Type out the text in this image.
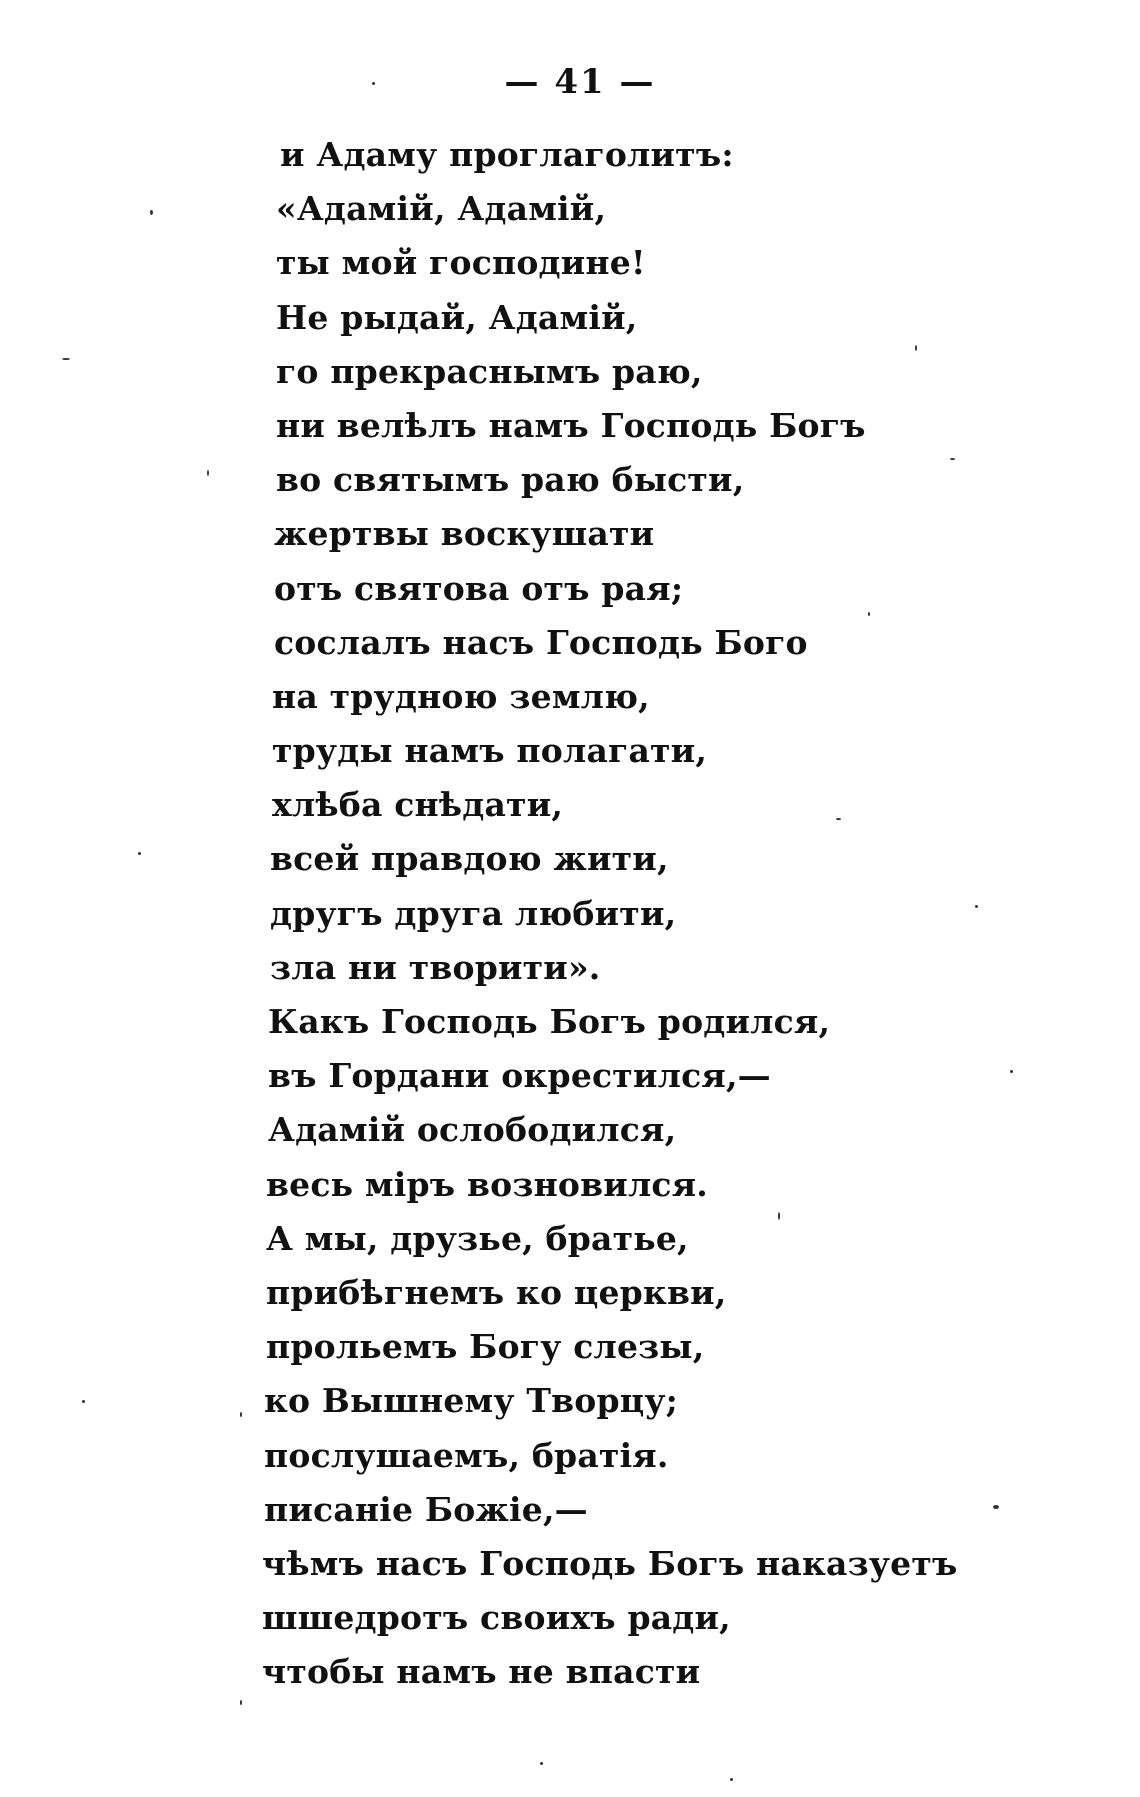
— 41 —
и Адаму проглаголитъ:
«Адамій, Адамій,
ты мой господине!
Не рыдай, Адамій,
го прекраснымъ раю,
ни велѣлъ намъ Господь Богъ
во святымъ раю бысти,
жертвы воскушати
отъ святова отъ рая;
сослалъ насъ Господь Бого
на трудною землю,
труды намъ полагати,
хлѣба снѣдати,
всей правдою жити,
другъ друга любити,
зла ни творити».
Какъ Господь Богъ родился,
въ Гордани окрестился,—
Адамій ослободился,
весь міръ возновился.
А мы, друзье, братье,
прибѣгнемъ ко церкви,
прольемъ Богу слезы,
ко Вышнему Творцу;
послушаемъ, братія.
писаніе Божіе,—
чѣмъ насъ Господь Богъ наказуетъ
шшедротъ своихъ ради,
чтобы намъ не впасти
